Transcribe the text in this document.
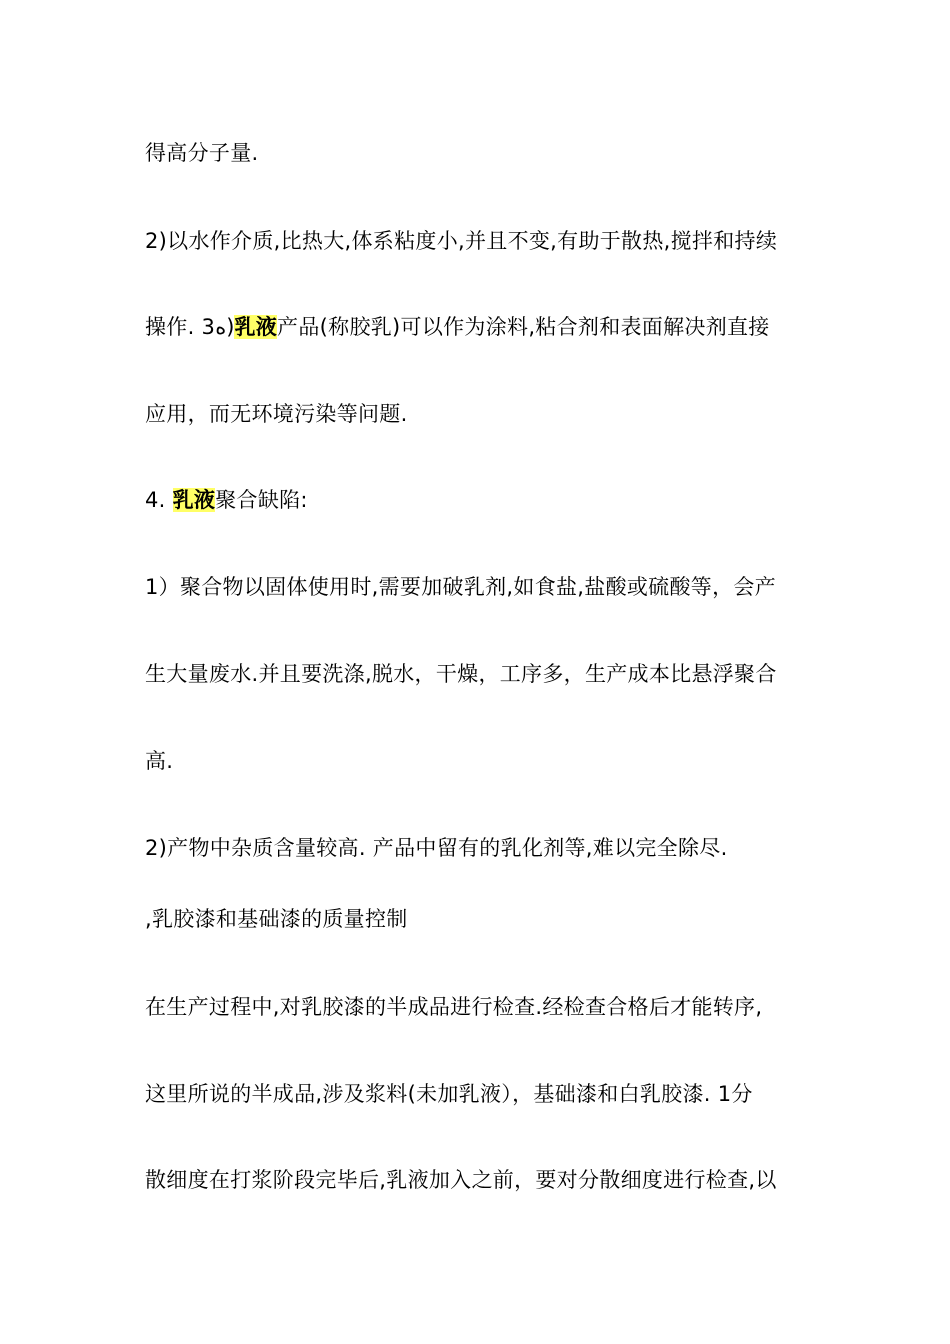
得高分子量.
2)以水作介质,比热大,体系粘度小,并且不变,有助于散热,搅拌和持续
操作. 3ه)乳液产品(称胶乳)可以作为涂料,粘合剂和表面解决剂直接
应用，而无环境污染等问题.
4. 乳液聚合缺陷:
1）聚合物以固体使用时,需要加破乳剂,如食盐,盐酸或硫酸等，会产
生大量废水.并且要洗涤,脱水，干燥，工序多，生产成本比悬浮聚合
高.
2)产物中杂质含量较高. 产品中留有的乳化剂等,难以完全除尽.
,乳胶漆和基础漆的质量控制
在生产过程中,对乳胶漆的半成品进行检查.经检查合格后才能转序,
这里所说的半成品,涉及浆料(未加乳液），基础漆和白乳胶漆. 1分
散细度在打浆阶段完毕后,乳液加入之前，要对分散细度进行检查,以
